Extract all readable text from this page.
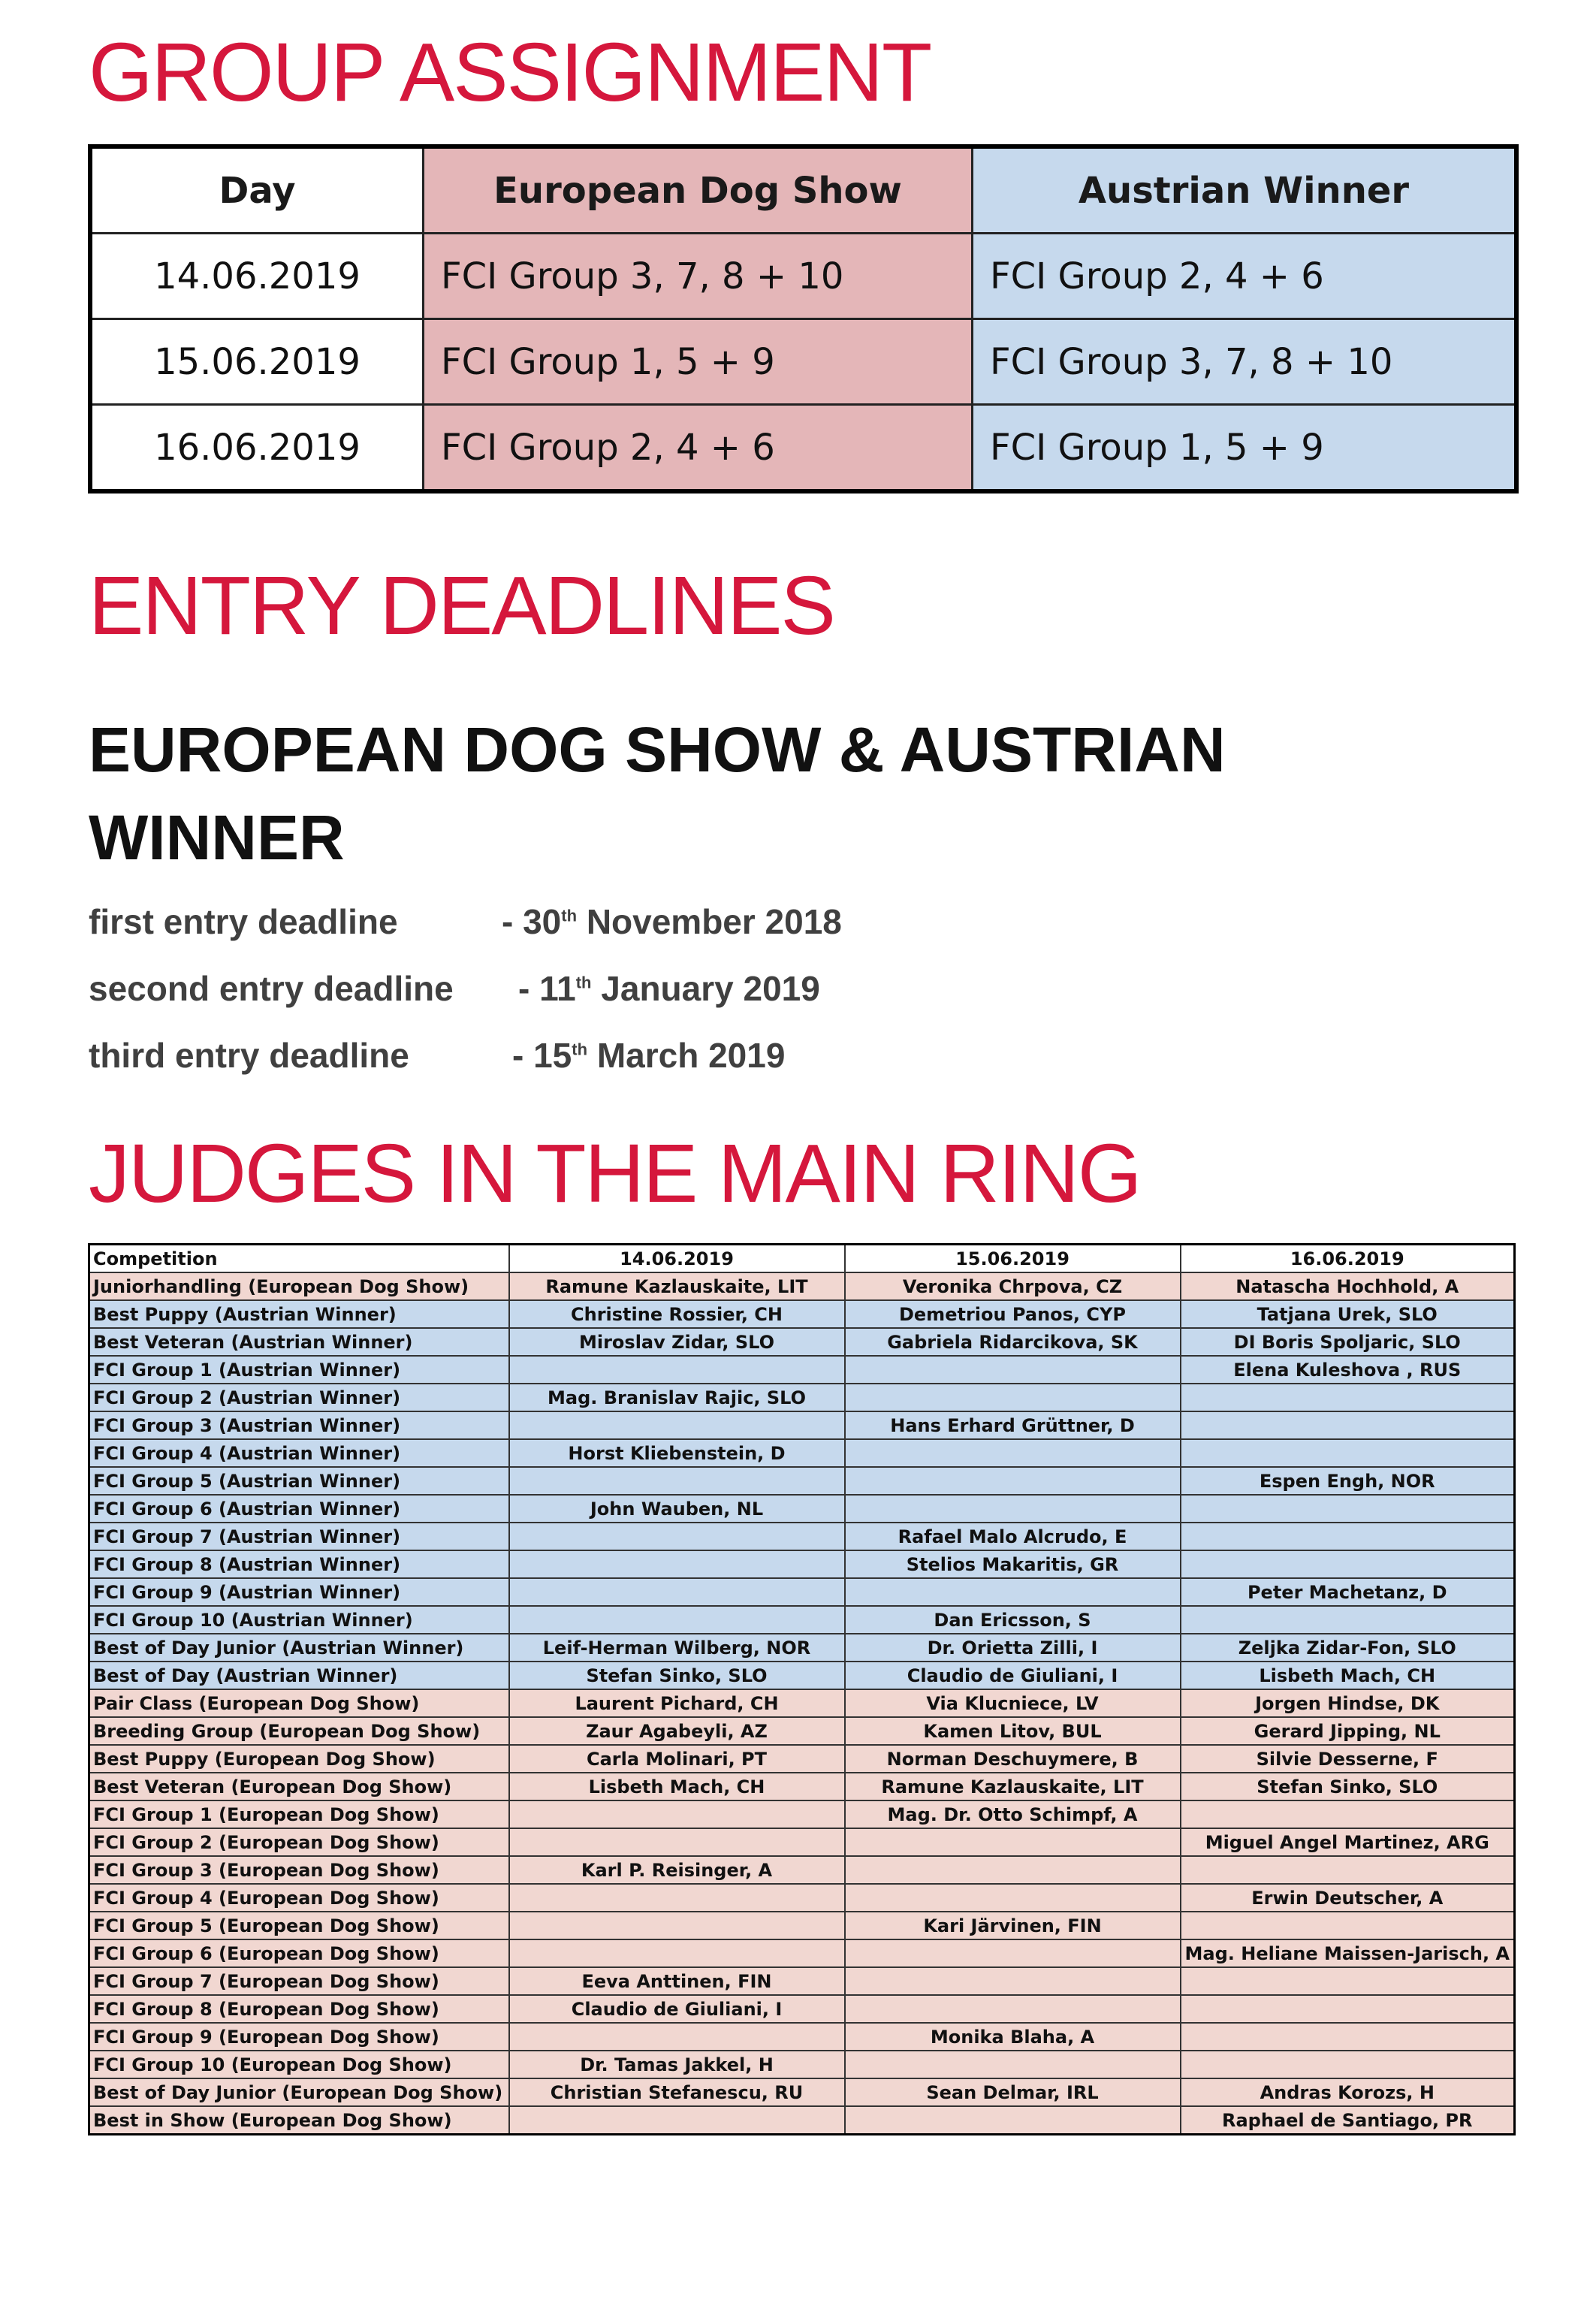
GROUP ASSIGNMENT
Day	European Dog Show	Austrian Winner
14.06.2019	FCI Group 3, 7, 8 + 10	FCI Group 2, 4 + 6
15.06.2019	FCI Group 1, 5 + 9	FCI Group 3, 7, 8 + 10
16.06.2019	FCI Group 2, 4 + 6	FCI Group 1, 5 + 9
ENTRY DEADLINES
EUROPEAN DOG SHOW & AUSTRIAN WINNER
first entry deadline	- 30th November 2018
second entry deadline - 11th January 2019
third entry deadline	- 15th March 2019
JUDGES IN THE MAIN RING
Competition	14.06.2019	15.06.2019	16.06.2019
Juniorhandling (European Dog Show)	Ramune Kazlauskaite, LIT	Veronika Chrpova, CZ	Natascha Hochhold, A
Best Puppy (Austrian Winner)	Christine Rossier, CH	Demetriou Panos, CYP	Tatjana Urek, SLO
Best Veteran (Austrian Winner)	Miroslav Zidar, SLO	Gabriela Ridarcikova, SK	DI Boris Spoljaric, SLO
FCI Group 1 (Austrian Winner)			Elena Kuleshova , RUS
FCI Group 2 (Austrian Winner)	Mag. Branislav Rajic, SLO		
FCI Group 3 (Austrian Winner)		Hans Erhard Grüttner, D	
FCI Group 4 (Austrian Winner)	Horst Kliebenstein, D		
FCI Group 5 (Austrian Winner)			Espen Engh, NOR
FCI Group 6 (Austrian Winner)	John Wauben, NL		
FCI Group 7 (Austrian Winner)		Rafael Malo Alcrudo, E	
FCI Group 8 (Austrian Winner)		Stelios Makaritis, GR	
FCI Group 9 (Austrian Winner)			Peter Machetanz, D
FCI Group 10 (Austrian Winner)		Dan Ericsson, S	
Best of Day Junior (Austrian Winner)	Leif-Herman Wilberg, NOR	Dr. Orietta Zilli, I	Zeljka Zidar-Fon, SLO
Best of Day (Austrian Winner)	Stefan Sinko, SLO	Claudio de Giuliani, I	Lisbeth Mach, CH
Pair Class (European Dog Show)	Laurent Pichard, CH	Via Klucniece, LV	Jorgen Hindse, DK
Breeding Group (European Dog Show)	Zaur Agabeyli, AZ	Kamen Litov, BUL	Gerard Jipping, NL
Best Puppy (European Dog Show)	Carla Molinari, PT	Norman Deschuymere, B	Silvie Desserne, F
Best Veteran (European Dog Show)	Lisbeth Mach, CH	Ramune Kazlauskaite, LIT	Stefan Sinko, SLO
FCI Group 1 (European Dog Show)		Mag. Dr. Otto Schimpf, A	
FCI Group 2 (European Dog Show)			Miguel Angel Martinez, ARG
FCI Group 3 (European Dog Show)	Karl P. Reisinger, A		
FCI Group 4 (European Dog Show)			Erwin Deutscher, A
FCI Group 5 (European Dog Show)		Kari Järvinen, FIN	
FCI Group 6 (European Dog Show)			Mag. Heliane Maissen-Jarisch, A
FCI Group 7 (European Dog Show)	Eeva Anttinen, FIN		
FCI Group 8 (European Dog Show)	Claudio de Giuliani, I		
FCI Group 9 (European Dog Show)		Monika Blaha, A	
FCI Group 10 (European Dog Show)	Dr. Tamas Jakkel, H		
Best of Day Junior (European Dog Show)	Christian Stefanescu, RU	Sean Delmar, IRL	Andras Korozs, H
Best in Show (European Dog Show)			Raphael de Santiago, PR
